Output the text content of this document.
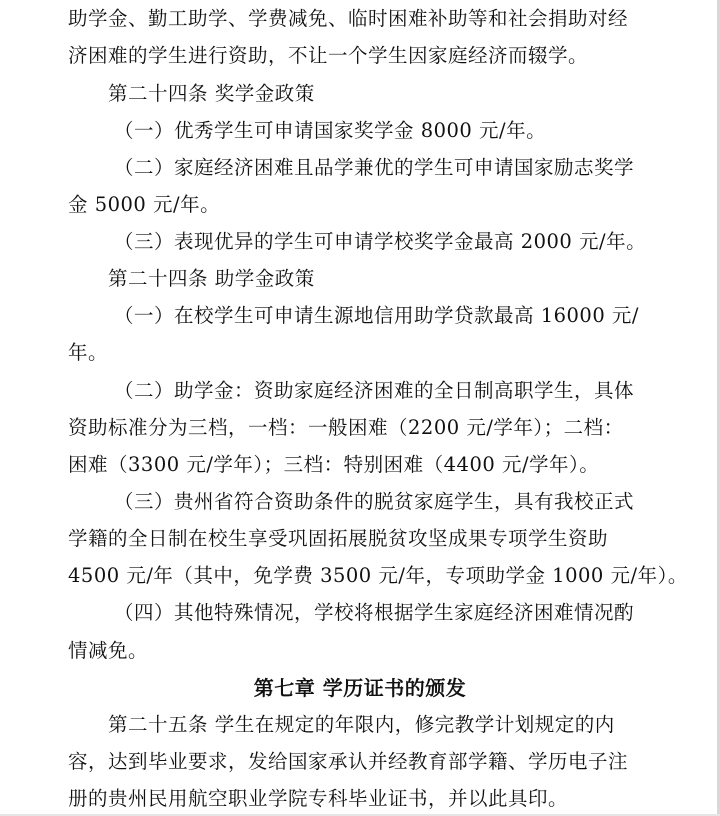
助学金、勤工助学、学费减免、临时困难补助等和社会捐助对经
济困难的学生进行资助，不让一个学生因家庭经济而辍学。
第二十四条 奖学金政策
（一）优秀学生可申请国家奖学金 8000 元/年。
（二）家庭经济困难且品学兼优的学生可申请国家励志奖学
金 5000 元/年。
（三）表现优异的学生可申请学校奖学金最高 2000 元/年。
第二十四条 助学金政策
（一）在校学生可申请生源地信用助学贷款最高 16000 元/
年。
（二）助学金：资助家庭经济困难的全日制高职学生，具体
资助标准分为三档，一档：一般困难（2200 元/学年）；二档：
困难（3300 元/学年）；三档：特别困难（4400 元/学年）。
（三）贵州省符合资助条件的脱贫家庭学生，具有我校正式
学籍的全日制在校生享受巩固拓展脱贫攻坚成果专项学生资助
4500 元/年（其中，免学费 3500 元/年，专项助学金 1000 元/年）。
（四）其他特殊情况，学校将根据学生家庭经济困难情况酌
情减免。
第七章 学历证书的颁发
第二十五条 学生在规定的年限内，修完教学计划规定的内
容，达到毕业要求，发给国家承认并经教育部学籍、学历电子注
册的贵州民用航空职业学院专科毕业证书，并以此具印。
